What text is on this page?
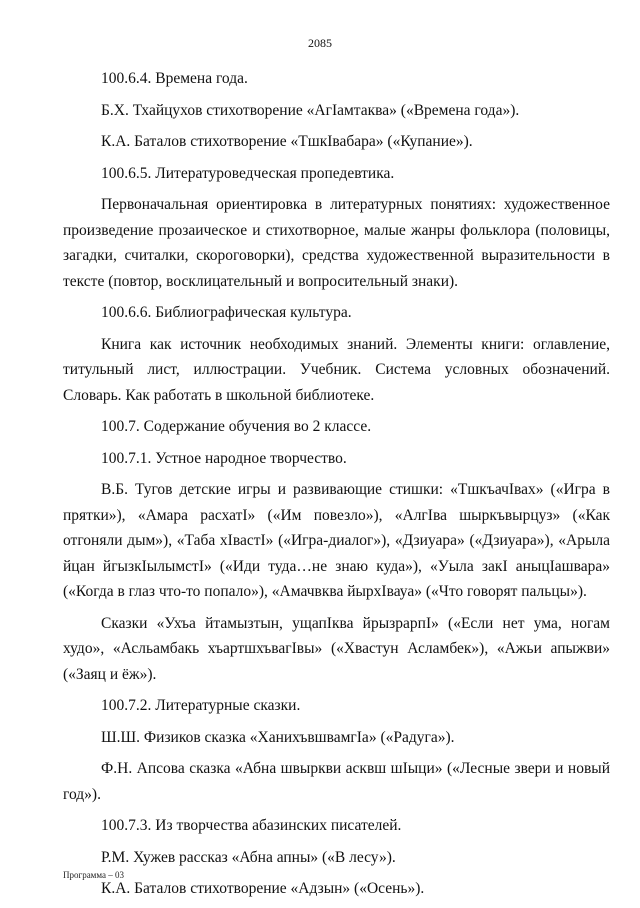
2085

100.6.4. Времена года.

Б.Х. Тхайцухов стихотворение «АгIамтаква» («Времена года»).

К.А. Баталов стихотворение «ТшкIвабара» («Купание»).

100.6.5. Литературоведческая пропедевтика.

Первоначальная ориентировка в литературных понятиях: художественное произведение прозаическое и стихотворное, малые жанры фольклора (половицы, загадки, считалки, скороговорки), средства художественной выразительности в тексте (повтор, восклицательный и вопросительный знаки).

100.6.6. Библиографическая культура.

Книга как источник необходимых знаний. Элементы книги: оглавление, титульный лист, иллюстрации. Учебник. Система условных обозначений. Словарь. Как работать в школьной библиотеке.

100.7. Содержание обучения во 2 классе.

100.7.1. Устное народное творчество.

В.Б. Тугов детские игры и развивающие стишки: «ТшкъачIвах» («Игра в прятки»), «Амара расхатI» («Им повезло»), «АлгIва шыркъвырцуз» («Как отгоняли дым»), «Таба хIвастI» («Игра-диалог»), «Дзиуара» («Дзиуара»), «Арыла йцан йгызкIылымстI» («Иди туда…не знаю куда»), «Уыла закI аныцIашвара» («Когда в глаз что-то попало»), «Амачвква йырхIвауа» («Что говорят пальцы»).

Сказки «Ухъа йтамызтын, ущапIква йрызрарпI» («Если нет ума, ногам худо», «Асльамбакь хъартшхъвагIвы» («Хвастун Асламбек»), «Ажьи апыжви» («Заяц и ёж»).

100.7.2. Литературные сказки.

Ш.Ш. Физиков сказка «ХанихъвшвамгIа» («Радуга»).

Ф.Н. Апсова сказка «Абна швыркви асквш шIыци» («Лесные звери и новый год»).

100.7.3. Из творчества абазинских писателей.

Р.М. Хужев рассказ «Абна апны» («В лесу»).

К.А. Баталов стихотворение «Адзын» («Осень»).

Программа – 03
